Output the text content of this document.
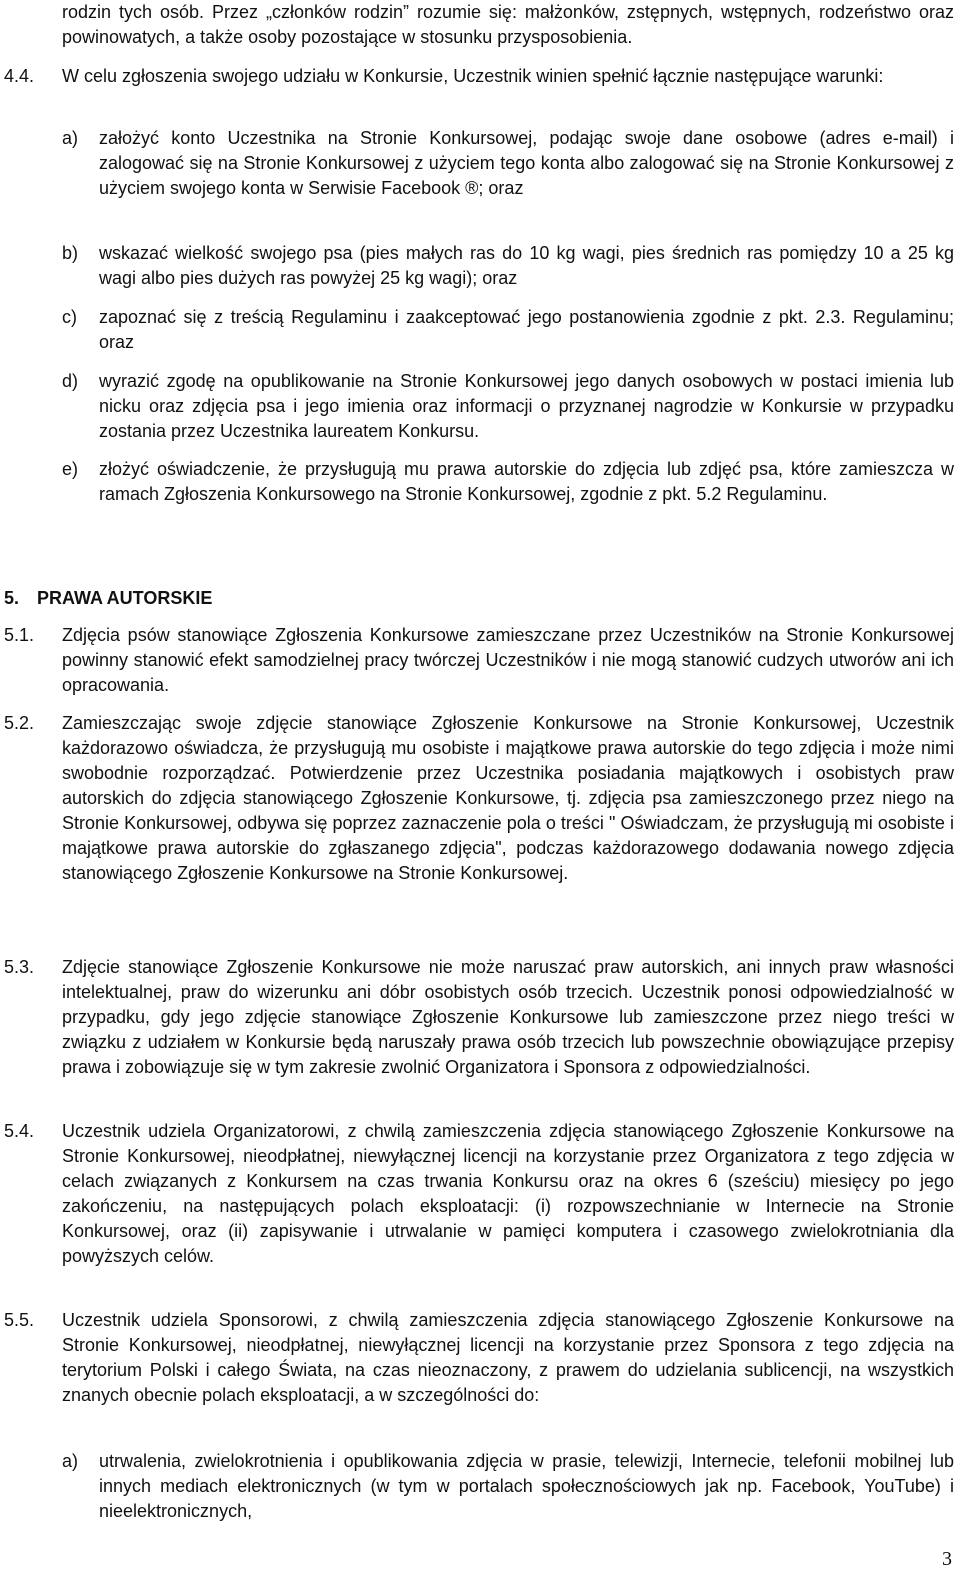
rodzin tych osób. Przez „członków rodzin” rozumie się: małżonków, zstępnych, wstępnych, rodzeństwo oraz powinowatych, a także osoby pozostające w stosunku przysposobienia.
4.4. W celu zgłoszenia swojego udziału w Konkursie, Uczestnik winien spełnić łącznie następujące warunki:
a) założyć konto Uczestnika na Stronie Konkursowej, podając swoje dane osobowe (adres e-mail) i zalogować się na Stronie Konkursowej z użyciem tego konta albo zalogować się na Stronie Konkursowej z użyciem swojego konta w Serwisie Facebook ®; oraz
b) wskazać wielkość swojego psa (pies małych ras do 10 kg wagi, pies średnich ras pomiędzy 10 a 25 kg wagi albo pies dużych ras powyżej 25 kg wagi); oraz
c) zapoznać się z treścią Regulaminu i zaakceptować jego postanowienia zgodnie z pkt. 2.3. Regulaminu; oraz
d) wyrazić zgodę na opublikowanie na Stronie Konkursowej jego danych osobowych w postaci imienia lub nicku oraz zdjęcia psa i jego imienia oraz informacji o przyznanej nagrodzie w Konkursie w przypadku zostania przez Uczestnika laureatem Konkursu.
e) złożyć oświadczenie, że przysługują mu prawa autorskie do zdjęcia lub zdjęć psa, które zamieszcza w ramach Zgłoszenia Konkursowego na Stronie Konkursowej, zgodnie z pkt. 5.2 Regulaminu.
5. PRAWA AUTORSKIE
5.1. Zdjęcia psów stanowiące Zgłoszenia Konkursowe zamieszczane przez Uczestników na Stronie Konkursowej powinny stanowić efekt samodzielnej pracy twórczej Uczestników i nie mogą stanowić cudzych utworów ani ich opracowania.
5.2. Zamieszczając swoje zdjęcie stanowiące Zgłoszenie Konkursowe na Stronie Konkursowej, Uczestnik każdorazowo oświadcza, że przysługują mu osobiste i majątkowe prawa autorskie do tego zdjęcia i może nimi swobodnie rozporządzać. Potwierdzenie przez Uczestnika posiadania majątkowych i osobistych praw autorskich do zdjęcia stanowiącego Zgłoszenie Konkursowe, tj. zdjęcia psa zamieszczonego przez niego na Stronie Konkursowej, odbywa się poprzez zaznaczenie pola o treści " Oświadczam, że przysługują mi osobiste i majątkowe prawa autorskie do zgłaszanego zdjęcia", podczas każdorazowego dodawania nowego zdjęcia stanowiącego Zgłoszenie Konkursowe na Stronie Konkursowej.
5.3. Zdjęcie stanowiące Zgłoszenie Konkursowe nie może naruszać praw autorskich, ani innych praw własności intelektualnej, praw do wizerunku ani dóbr osobistych osób trzecich. Uczestnik ponosi odpowiedzialność w przypadku, gdy jego zdjęcie stanowiące Zgłoszenie Konkursowe lub zamieszczone przez niego treści w związku z udziałem w Konkursie będą naruszały prawa osób trzecich lub powszechnie obowiązujące przepisy prawa i zobowiązuje się w tym zakresie zwolnić Organizatora i Sponsora z odpowiedzialności.
5.4. Uczestnik udziela Organizatorowi, z chwilą zamieszczenia zdjęcia stanowiącego Zgłoszenie Konkursowe na Stronie Konkursowej, nieodpłatnej, niewyłącznej licencji na korzystanie przez Organizatora z tego zdjęcia w celach związanych z Konkursem na czas trwania Konkursu oraz na okres 6 (sześciu) miesięcy po jego zakończeniu, na następujących polach eksploatacji: (i) rozpowszechnianie w Internecie na Stronie Konkursowej, oraz (ii) zapisywanie i utrwalanie w pamięci komputera i czasowego zwielokrotniania dla powyższych celów.
5.5. Uczestnik udziela Sponsorowi, z chwilą zamieszczenia zdjęcia stanowiącego Zgłoszenie Konkursowe na Stronie Konkursowej, nieodpłatnej, niewyłącznej licencji na korzystanie przez Sponsora z tego zdjęcia na terytorium Polski i całego Świata, na czas nieoznaczony, z prawem do udzielania sublicencji, na wszystkich znanych obecnie polach eksploatacji, a w szczególności do:
a) utrwalenia, zwielokrotnienia i opublikowania zdjęcia w prasie, telewizji, Internecie, telefonii mobilnej lub innych mediach elektronicznych (w tym w portalach społecznościowych jak np. Facebook, YouTube) i nieelektronicznych,
3
